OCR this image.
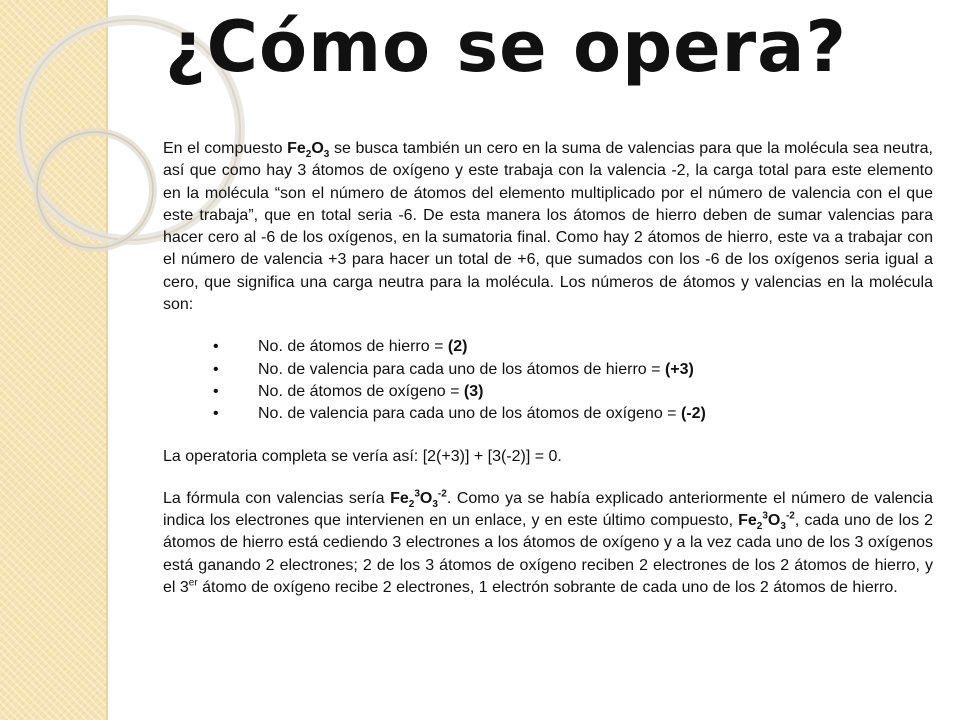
¿Cómo se opera?

En el compuesto $Fe_2O_3$ se busca también un cero en la suma de valencias para que la molécula sea neutra, así que como hay 3 átomos de oxígeno y este trabaja con la valencia -2, la carga total para este elemento en la molécula “son el número de átomos del elemento multiplicado por el número de valencia con el que este trabaja”, que en total seria -6. De esta manera los átomos de hierro deben de sumar valencias para hacer cero al -6 de los oxígenos, en la sumatoria final. Como hay 2 átomos de hierro, este va a trabajar con el número de valencia +3 para hacer un total de +6, que sumados con los -6 de los oxígenos seria igual a cero, que significa una carga neutra para la molécula. Los números de átomos y valencias en la molécula son:

• No. de átomos de hierro = (2)
• No. de valencia para cada uno de los átomos de hierro = (+3)
• No. de átomos de oxígeno = (3)
• No. de valencia para cada uno de los átomos de oxígeno = (-2)

La operatoria completa se vería así: [2(+3)] + [3(-2)] = 0.

La fórmula con valencias sería $Fe_2^3O_3^{-2}$. Como ya se había explicado anteriormente el número de valencia indica los electrones que intervienen en un enlace, y en este último compuesto, $Fe_2^3O_3^{-2}$, cada uno de los 2 átomos de hierro está cediendo 3 electrones a los átomos de oxígeno y a la vez cada uno de los 3 oxígenos está ganando 2 electrones; 2 de los 3 átomos de oxígeno reciben 2 electrones de los 2 átomos de hierro, y el 3er átomo de oxígeno recibe 2 electrones, 1 electrón sobrante de cada uno de los 2 átomos de hierro.
